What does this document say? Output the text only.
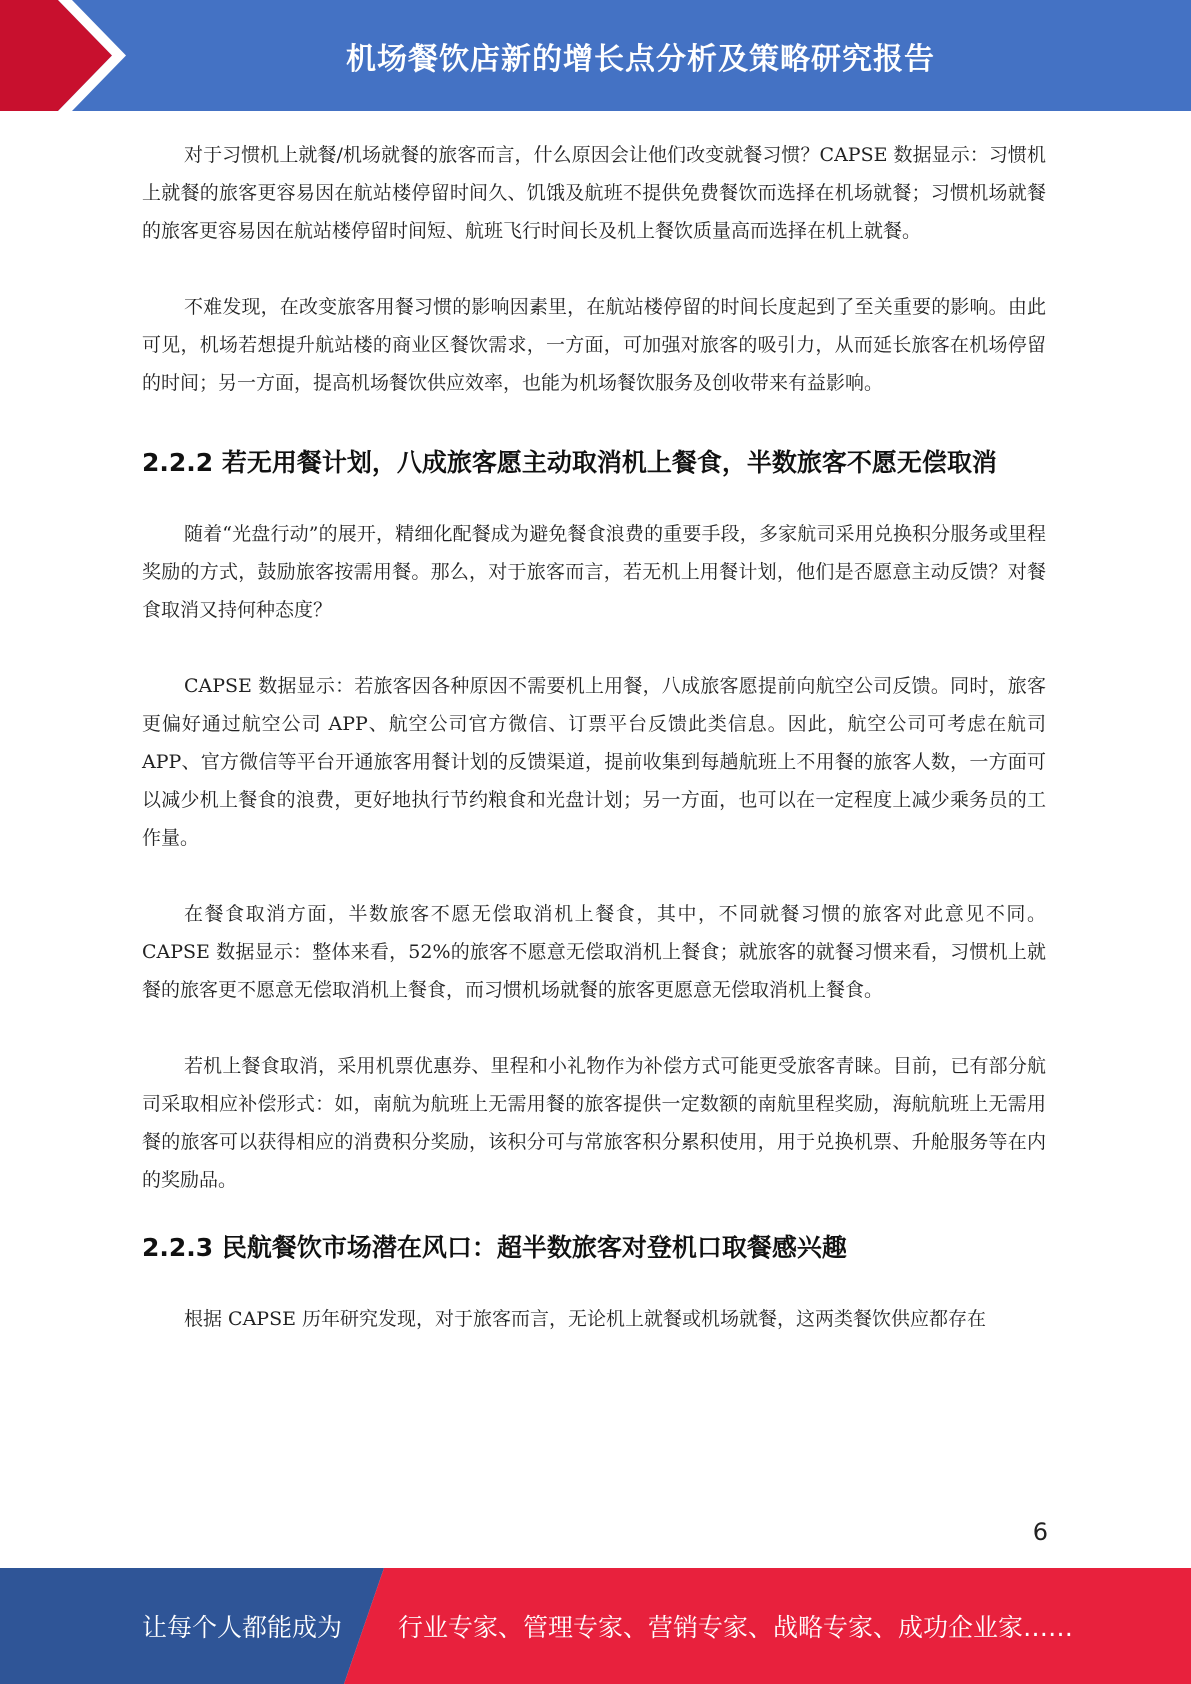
机场餐饮店新的增长点分析及策略研究报告

对于习惯机上就餐/机场就餐的旅客而言，什么原因会让他们改变就餐习惯？CAPSE 数据显示：习惯机上就餐的旅客更容易因在航站楼停留时间久、饥饿及航班不提供免费餐饮而选择在机场就餐；习惯机场就餐的旅客更容易因在航站楼停留时间短、航班飞行时间长及机上餐饮质量高而选择在机上就餐。

不难发现，在改变旅客用餐习惯的影响因素里，在航站楼停留的时间长度起到了至关重要的影响。由此可见，机场若想提升航站楼的商业区餐饮需求，一方面，可加强对旅客的吸引力，从而延长旅客在机场停留的时间；另一方面，提高机场餐饮供应效率，也能为机场餐饮服务及创收带来有益影响。

2.2.2 若无用餐计划，八成旅客愿主动取消机上餐食，半数旅客不愿无偿取消

随着“光盘行动”的展开，精细化配餐成为避免餐食浪费的重要手段，多家航司采用兑换积分服务或里程奖励的方式，鼓励旅客按需用餐。那么，对于旅客而言，若无机上用餐计划，他们是否愿意主动反馈？对餐食取消又持何种态度？

CAPSE 数据显示：若旅客因各种原因不需要机上用餐，八成旅客愿提前向航空公司反馈。同时，旅客更偏好通过航空公司 APP、航空公司官方微信、订票平台反馈此类信息。因此，航空公司可考虑在航司 APP、官方微信等平台开通旅客用餐计划的反馈渠道，提前收集到每趟航班上不用餐的旅客人数，一方面可以减少机上餐食的浪费，更好地执行节约粮食和光盘计划；另一方面，也可以在一定程度上减少乘务员的工作量。

在餐食取消方面，半数旅客不愿无偿取消机上餐食，其中，不同就餐习惯的旅客对此意见不同。CAPSE 数据显示：整体来看，52%的旅客不愿意无偿取消机上餐食；就旅客的就餐习惯来看，习惯机上就餐的旅客更不愿意无偿取消机上餐食，而习惯机场就餐的旅客更愿意无偿取消机上餐食。

若机上餐食取消，采用机票优惠券、里程和小礼物作为补偿方式可能更受旅客青睐。目前，已有部分航司采取相应补偿形式：如，南航为航班上无需用餐的旅客提供一定数额的南航里程奖励，海航航班上无需用餐的旅客可以获得相应的消费积分奖励，该积分可与常旅客积分累积使用，用于兑换机票、升舱服务等在内的奖励品。

2.2.3 民航餐饮市场潜在风口：超半数旅客对登机口取餐感兴趣

根据 CAPSE 历年研究发现，对于旅客而言，无论机上就餐或机场就餐，这两类餐饮供应都存在

6
让每个人都能成为 行业专家、管理专家、营销专家、战略专家、成功企业家……
